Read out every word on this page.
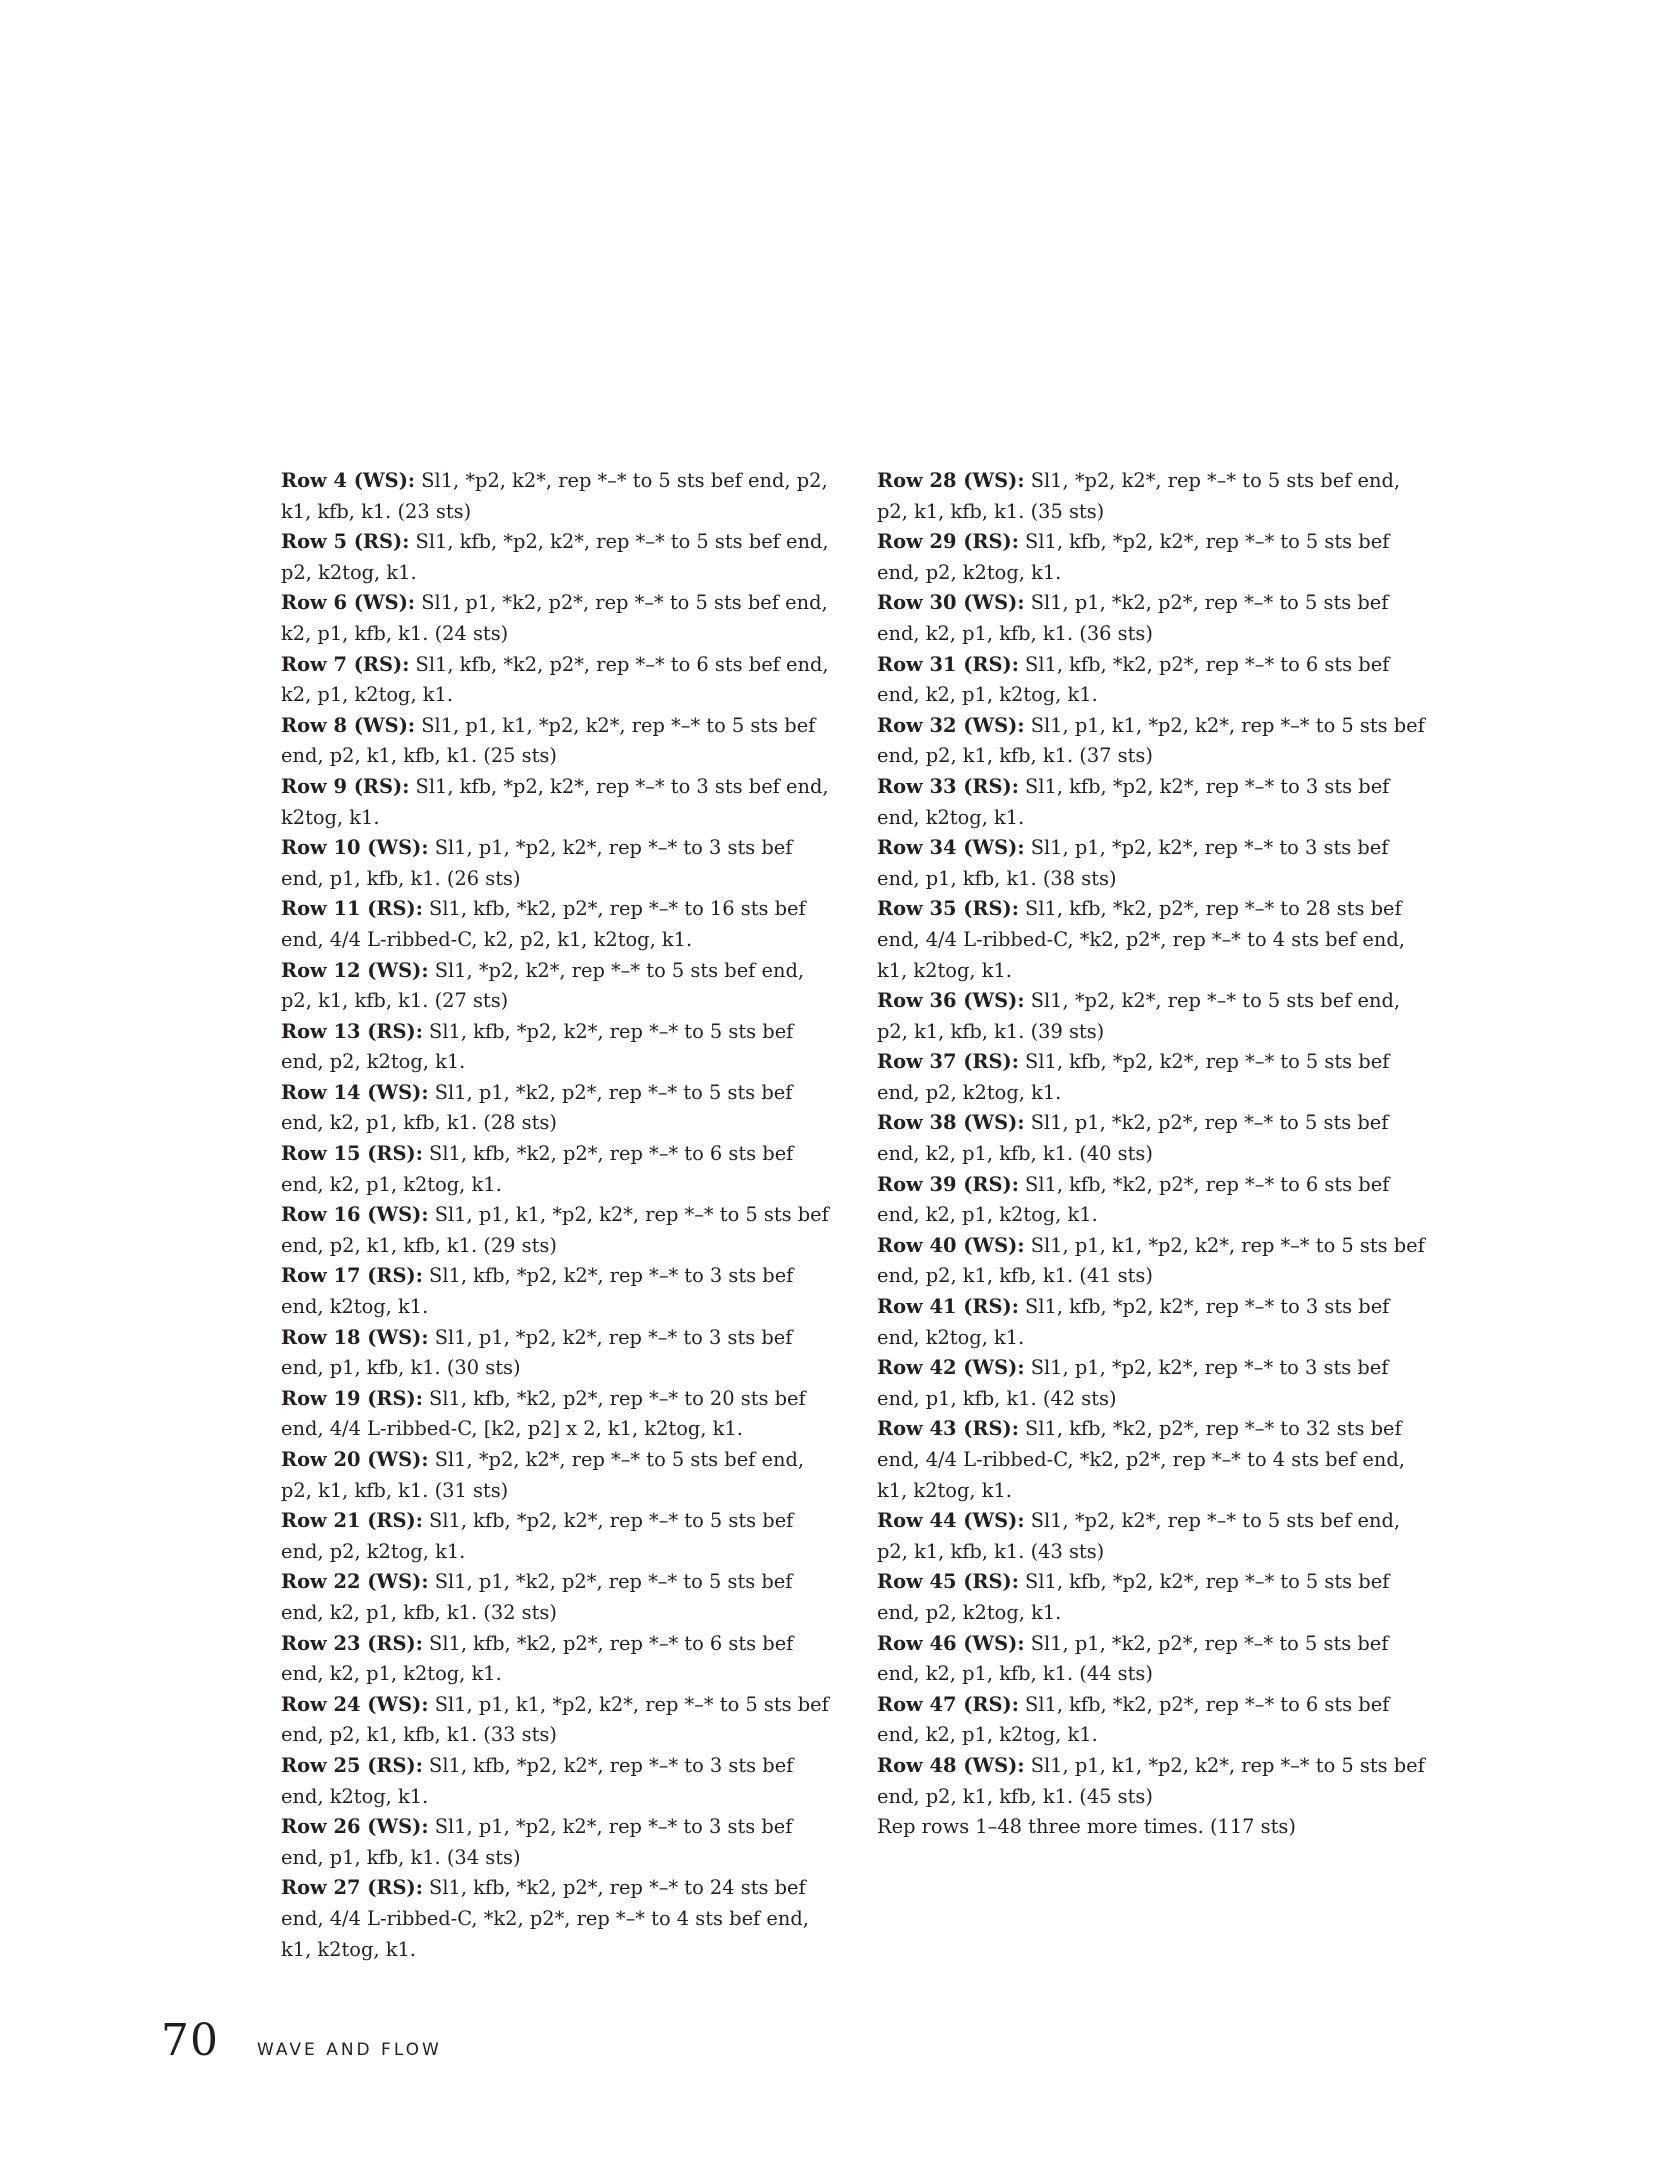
Row 4 (WS): Sl1, *p2, k2*, rep *–* to 5 sts bef end, p2, k1, kfb, k1. (23 sts)

Row 5 (RS): Sl1, kfb, *p2, k2*, rep *–* to 5 sts bef end, p2, k2tog, k1.

Row 6 (WS): Sl1, p1, *k2, p2*, rep *–* to 5 sts bef end, k2, p1, kfb, k1. (24 sts)

Row 7 (RS): Sl1, kfb, *k2, p2*, rep *–* to 6 sts bef end, k2, p1, k2tog, k1.

Row 8 (WS): Sl1, p1, k1, *p2, k2*, rep *–* to 5 sts bef end, p2, k1, kfb, k1. (25 sts)

Row 9 (RS): Sl1, kfb, *p2, k2*, rep *–* to 3 sts bef end, k2tog, k1.

Row 10 (WS): Sl1, p1, *p2, k2*, rep *–* to 3 sts bef end, p1, kfb, k1. (26 sts)

Row 11 (RS): Sl1, kfb, *k2, p2*, rep *–* to 16 sts bef end, 4/4 L-ribbed-C, k2, p2, k1, k2tog, k1.

Row 12 (WS): Sl1, *p2, k2*, rep *–* to 5 sts bef end, p2, k1, kfb, k1. (27 sts)

Row 13 (RS): Sl1, kfb, *p2, k2*, rep *–* to 5 sts bef end, p2, k2tog, k1.

Row 14 (WS): Sl1, p1, *k2, p2*, rep *–* to 5 sts bef end, k2, p1, kfb, k1. (28 sts)

Row 15 (RS): Sl1, kfb, *k2, p2*, rep *–* to 6 sts bef end, k2, p1, k2tog, k1.

Row 16 (WS): Sl1, p1, k1, *p2, k2*, rep *–* to 5 sts bef end, p2, k1, kfb, k1. (29 sts)

Row 17 (RS): Sl1, kfb, *p2, k2*, rep *–* to 3 sts bef end, k2tog, k1.

Row 18 (WS): Sl1, p1, *p2, k2*, rep *–* to 3 sts bef end, p1, kfb, k1. (30 sts)

Row 19 (RS): Sl1, kfb, *k2, p2*, rep *–* to 20 sts bef end, 4/4 L-ribbed-C, [k2, p2] x 2, k1, k2tog, k1.

Row 20 (WS): Sl1, *p2, k2*, rep *–* to 5 sts bef end, p2, k1, kfb, k1. (31 sts)

Row 21 (RS): Sl1, kfb, *p2, k2*, rep *–* to 5 sts bef end, p2, k2tog, k1.

Row 22 (WS): Sl1, p1, *k2, p2*, rep *–* to 5 sts bef end, k2, p1, kfb, k1. (32 sts)

Row 23 (RS): Sl1, kfb, *k2, p2*, rep *–* to 6 sts bef end, k2, p1, k2tog, k1.

Row 24 (WS): Sl1, p1, k1, *p2, k2*, rep *–* to 5 sts bef end, p2, k1, kfb, k1. (33 sts)

Row 25 (RS): Sl1, kfb, *p2, k2*, rep *–* to 3 sts bef end, k2tog, k1.

Row 26 (WS): Sl1, p1, *p2, k2*, rep *–* to 3 sts bef end, p1, kfb, k1. (34 sts)

Row 27 (RS): Sl1, kfb, *k2, p2*, rep *–* to 24 sts bef end, 4/4 L-ribbed-C, *k2, p2*, rep *–* to 4 sts bef end, k1, k2tog, k1.

Row 28 (WS): Sl1, *p2, k2*, rep *–* to 5 sts bef end, p2, k1, kfb, k1. (35 sts)

Row 29 (RS): Sl1, kfb, *p2, k2*, rep *–* to 5 sts bef end, p2, k2tog, k1.

Row 30 (WS): Sl1, p1, *k2, p2*, rep *–* to 5 sts bef end, k2, p1, kfb, k1. (36 sts)

Row 31 (RS): Sl1, kfb, *k2, p2*, rep *–* to 6 sts bef end, k2, p1, k2tog, k1.

Row 32 (WS): Sl1, p1, k1, *p2, k2*, rep *–* to 5 sts bef end, p2, k1, kfb, k1. (37 sts)

Row 33 (RS): Sl1, kfb, *p2, k2*, rep *–* to 3 sts bef end, k2tog, k1.

Row 34 (WS): Sl1, p1, *p2, k2*, rep *–* to 3 sts bef end, p1, kfb, k1. (38 sts)

Row 35 (RS): Sl1, kfb, *k2, p2*, rep *–* to 28 sts bef end, 4/4 L-ribbed-C, *k2, p2*, rep *–* to 4 sts bef end, k1, k2tog, k1.

Row 36 (WS): Sl1, *p2, k2*, rep *–* to 5 sts bef end, p2, k1, kfb, k1. (39 sts)

Row 37 (RS): Sl1, kfb, *p2, k2*, rep *–* to 5 sts bef end, p2, k2tog, k1.

Row 38 (WS): Sl1, p1, *k2, p2*, rep *–* to 5 sts bef end, k2, p1, kfb, k1. (40 sts)

Row 39 (RS): Sl1, kfb, *k2, p2*, rep *–* to 6 sts bef end, k2, p1, k2tog, k1.

Row 40 (WS): Sl1, p1, k1, *p2, k2*, rep *–* to 5 sts bef end, p2, k1, kfb, k1. (41 sts)

Row 41 (RS): Sl1, kfb, *p2, k2*, rep *–* to 3 sts bef end, k2tog, k1.

Row 42 (WS): Sl1, p1, *p2, k2*, rep *–* to 3 sts bef end, p1, kfb, k1. (42 sts)

Row 43 (RS): Sl1, kfb, *k2, p2*, rep *–* to 32 sts bef end, 4/4 L-ribbed-C, *k2, p2*, rep *–* to 4 sts bef end, k1, k2tog, k1.

Row 44 (WS): Sl1, *p2, k2*, rep *–* to 5 sts bef end, p2, k1, kfb, k1. (43 sts)

Row 45 (RS): Sl1, kfb, *p2, k2*, rep *–* to 5 sts bef end, p2, k2tog, k1.

Row 46 (WS): Sl1, p1, *k2, p2*, rep *–* to 5 sts bef end, k2, p1, kfb, k1. (44 sts)

Row 47 (RS): Sl1, kfb, *k2, p2*, rep *–* to 6 sts bef end, k2, p1, k2tog, k1.

Row 48 (WS): Sl1, p1, k1, *p2, k2*, rep *–* to 5 sts bef end, p2, k1, kfb, k1. (45 sts)

Rep rows 1–48 three more times. (117 sts)

70 WAVE AND FLOW
